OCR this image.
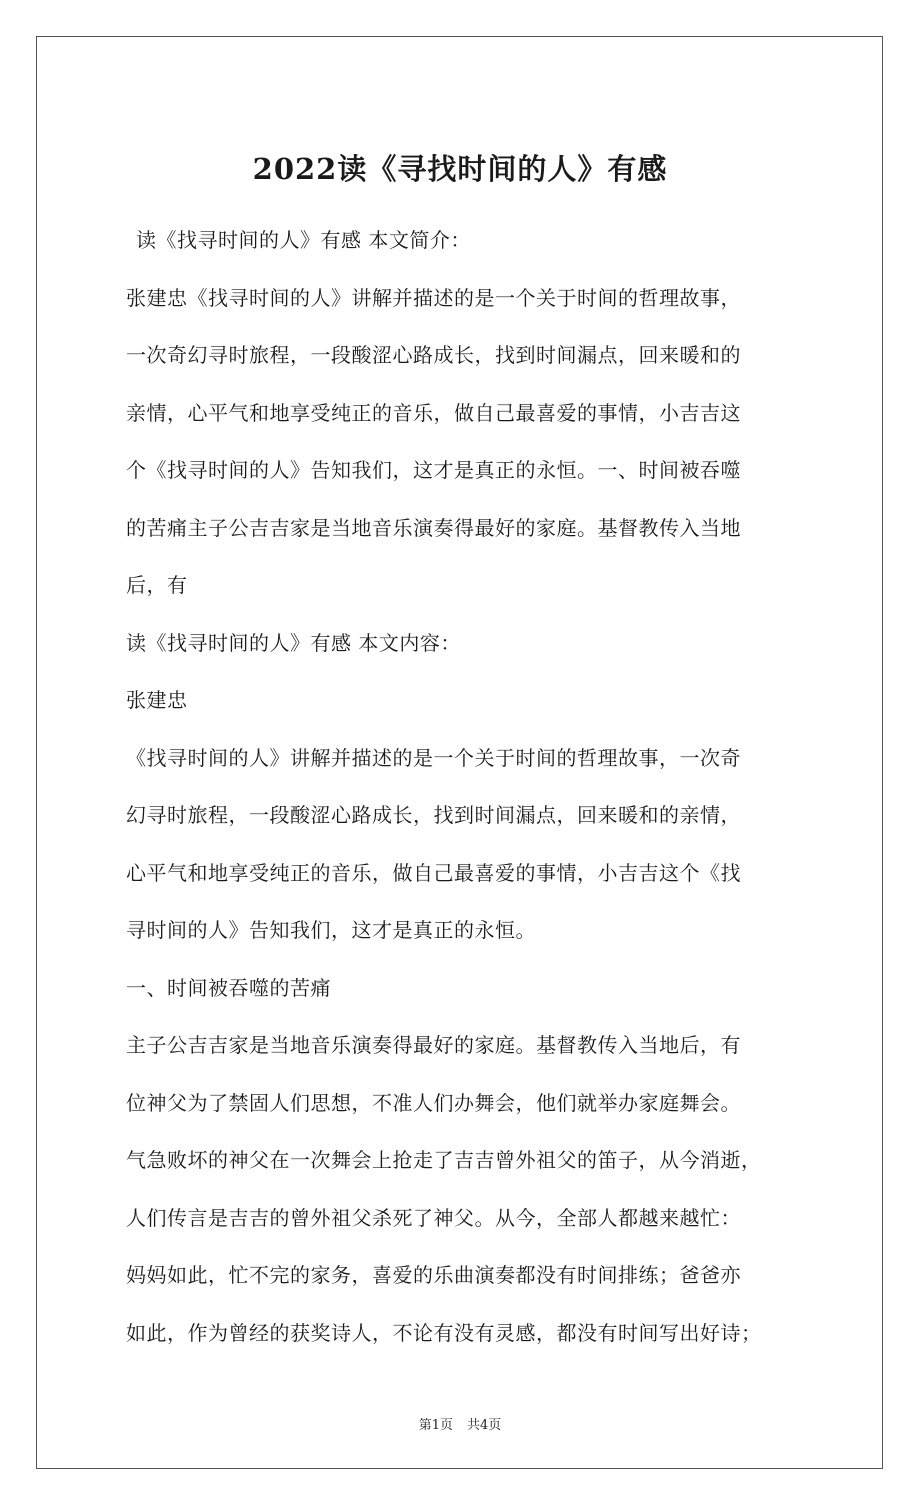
2022读《寻找时间的人》有感

读《找寻时间的人》有感 本文简介：

张建忠《找寻时间的人》讲解并描述的是一个关于时间的哲理故事，

一次奇幻寻时旅程，一段酸涩心路成长，找到时间漏点，回来暖和的

亲情，心平气和地享受纯正的音乐，做自己最喜爱的事情，小吉吉这

个《找寻时间的人》告知我们，这才是真正的永恒。一、时间被吞噬

的苦痛主子公吉吉家是当地音乐演奏得最好的家庭。基督教传入当地

后，有

读《找寻时间的人》有感 本文内容：

张建忠

《找寻时间的人》讲解并描述的是一个关于时间的哲理故事，一次奇

幻寻时旅程，一段酸涩心路成长，找到时间漏点，回来暖和的亲情，

心平气和地享受纯正的音乐，做自己最喜爱的事情，小吉吉这个《找

寻时间的人》告知我们，这才是真正的永恒。

一、时间被吞噬的苦痛

主子公吉吉家是当地音乐演奏得最好的家庭。基督教传入当地后，有

位神父为了禁固人们思想，不准人们办舞会，他们就举办家庭舞会。

气急败坏的神父在一次舞会上抢走了吉吉曾外祖父的笛子，从今消逝，

人们传言是吉吉的曾外祖父杀死了神父。从今，全部人都越来越忙：

妈妈如此，忙不完的家务，喜爱的乐曲演奏都没有时间排练；爸爸亦

如此，作为曾经的获奖诗人，不论有没有灵感，都没有时间写出好诗；

第1页 共4页
